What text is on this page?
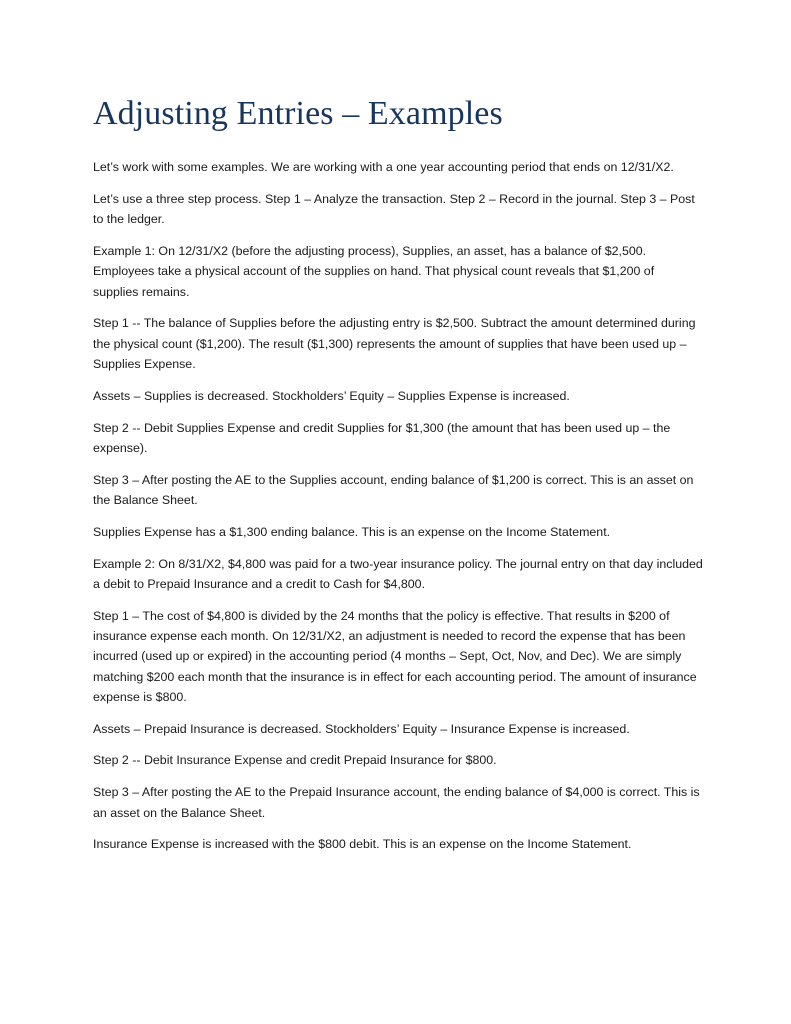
Adjusting Entries – Examples

Let’s work with some examples. We are working with a one year accounting period that ends on 12/31/X2.

Let’s use a three step process. Step 1 – Analyze the transaction. Step 2 – Record in the journal. Step 3 – Post to the ledger.

Example 1: On 12/31/X2 (before the adjusting process), Supplies, an asset, has a balance of $2,500. Employees take a physical account of the supplies on hand. That physical count reveals that $1,200 of supplies remains.

Step 1 -- The balance of Supplies before the adjusting entry is $2,500. Subtract the amount determined during the physical count ($1,200). The result ($1,300) represents the amount of supplies that have been used up – Supplies Expense.

Assets – Supplies is decreased. Stockholders’ Equity – Supplies Expense is increased.

Step 2 -- Debit Supplies Expense and credit Supplies for $1,300 (the amount that has been used up – the expense).

Step 3 – After posting the AE to the Supplies account, ending balance of $1,200 is correct. This is an asset on the Balance Sheet.

Supplies Expense has a $1,300 ending balance. This is an expense on the Income Statement.

Example 2: On 8/31/X2, $4,800 was paid for a two-year insurance policy. The journal entry on that day included a debit to Prepaid Insurance and a credit to Cash for $4,800.

Step 1 – The cost of $4,800 is divided by the 24 months that the policy is effective. That results in $200 of insurance expense each month. On 12/31/X2, an adjustment is needed to record the expense that has been incurred (used up or expired) in the accounting period (4 months – Sept, Oct, Nov, and Dec). We are simply matching $200 each month that the insurance is in effect for each accounting period. The amount of insurance expense is $800.

Assets – Prepaid Insurance is decreased. Stockholders’ Equity – Insurance Expense is increased.

Step 2 -- Debit Insurance Expense and credit Prepaid Insurance for $800.

Step 3 – After posting the AE to the Prepaid Insurance account, the ending balance of $4,000 is correct. This is an asset on the Balance Sheet.

Insurance Expense is increased with the $800 debit. This is an expense on the Income Statement.
